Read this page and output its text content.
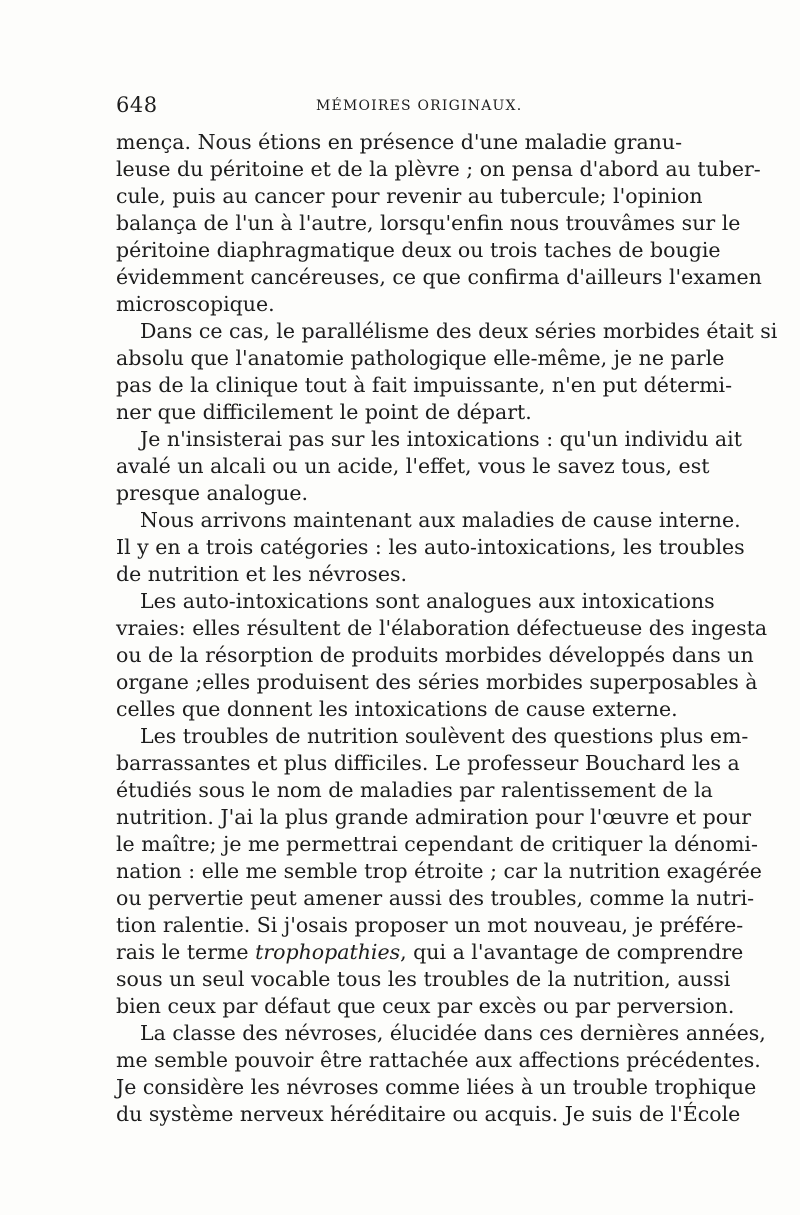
648	MÉMOIRES ORIGINAUX.
mença. Nous étions en présence d'une maladie granu-
leuse du péritoine et de la plèvre ; on pensa d'abord au tuber-
cule, puis au cancer pour revenir au tubercule; l'opinion
balança de l'un à l'autre, lorsqu'enfin nous trouvâmes sur le
péritoine diaphragmatique deux ou trois taches de bougie
évidemment cancéreuses, ce que confirma d'ailleurs l'examen
microscopique.
Dans ce cas, le parallélisme des deux séries morbides était si
absolu que l'anatomie pathologique elle-même, je ne parle
pas de la clinique tout à fait impuissante, n'en put détermi-
ner que difficilement le point de départ.
Je n'insisterai pas sur les intoxications : qu'un individu ait
avalé un alcali ou un acide, l'effet, vous le savez tous, est
presque analogue.
Nous arrivons maintenant aux maladies de cause interne.
Il y en a trois catégories : les auto-intoxications, les troubles
de nutrition et les névroses.
Les auto-intoxications sont analogues aux intoxications
vraies: elles résultent de l'élaboration défectueuse des ingesta
ou de la résorption de produits morbides développés dans un
organe ;elles produisent des séries morbides superposables à
celles que donnent les intoxications de cause externe.
Les troubles de nutrition soulèvent des questions plus em-
barrassantes et plus difficiles. Le professeur Bouchard les a
étudiés sous le nom de maladies par ralentissement de la
nutrition. J'ai la plus grande admiration pour l'œuvre et pour
le maître; je me permettrai cependant de critiquer la dénomi-
nation : elle me semble trop étroite ; car la nutrition exagérée
ou pervertie peut amener aussi des troubles, comme la nutri-
tion ralentie. Si j'osais proposer un mot nouveau, je préfére-
rais le terme trophopathies, qui a l'avantage de comprendre
sous un seul vocable tous les troubles de la nutrition, aussi
bien ceux par défaut que ceux par excès ou par perversion.
La classe des névroses, élucidée dans ces dernières années,
me semble pouvoir être rattachée aux affections précédentes.
Je considère les névroses comme liées à un trouble trophique
du système nerveux héréditaire ou acquis. Je suis de l'École
